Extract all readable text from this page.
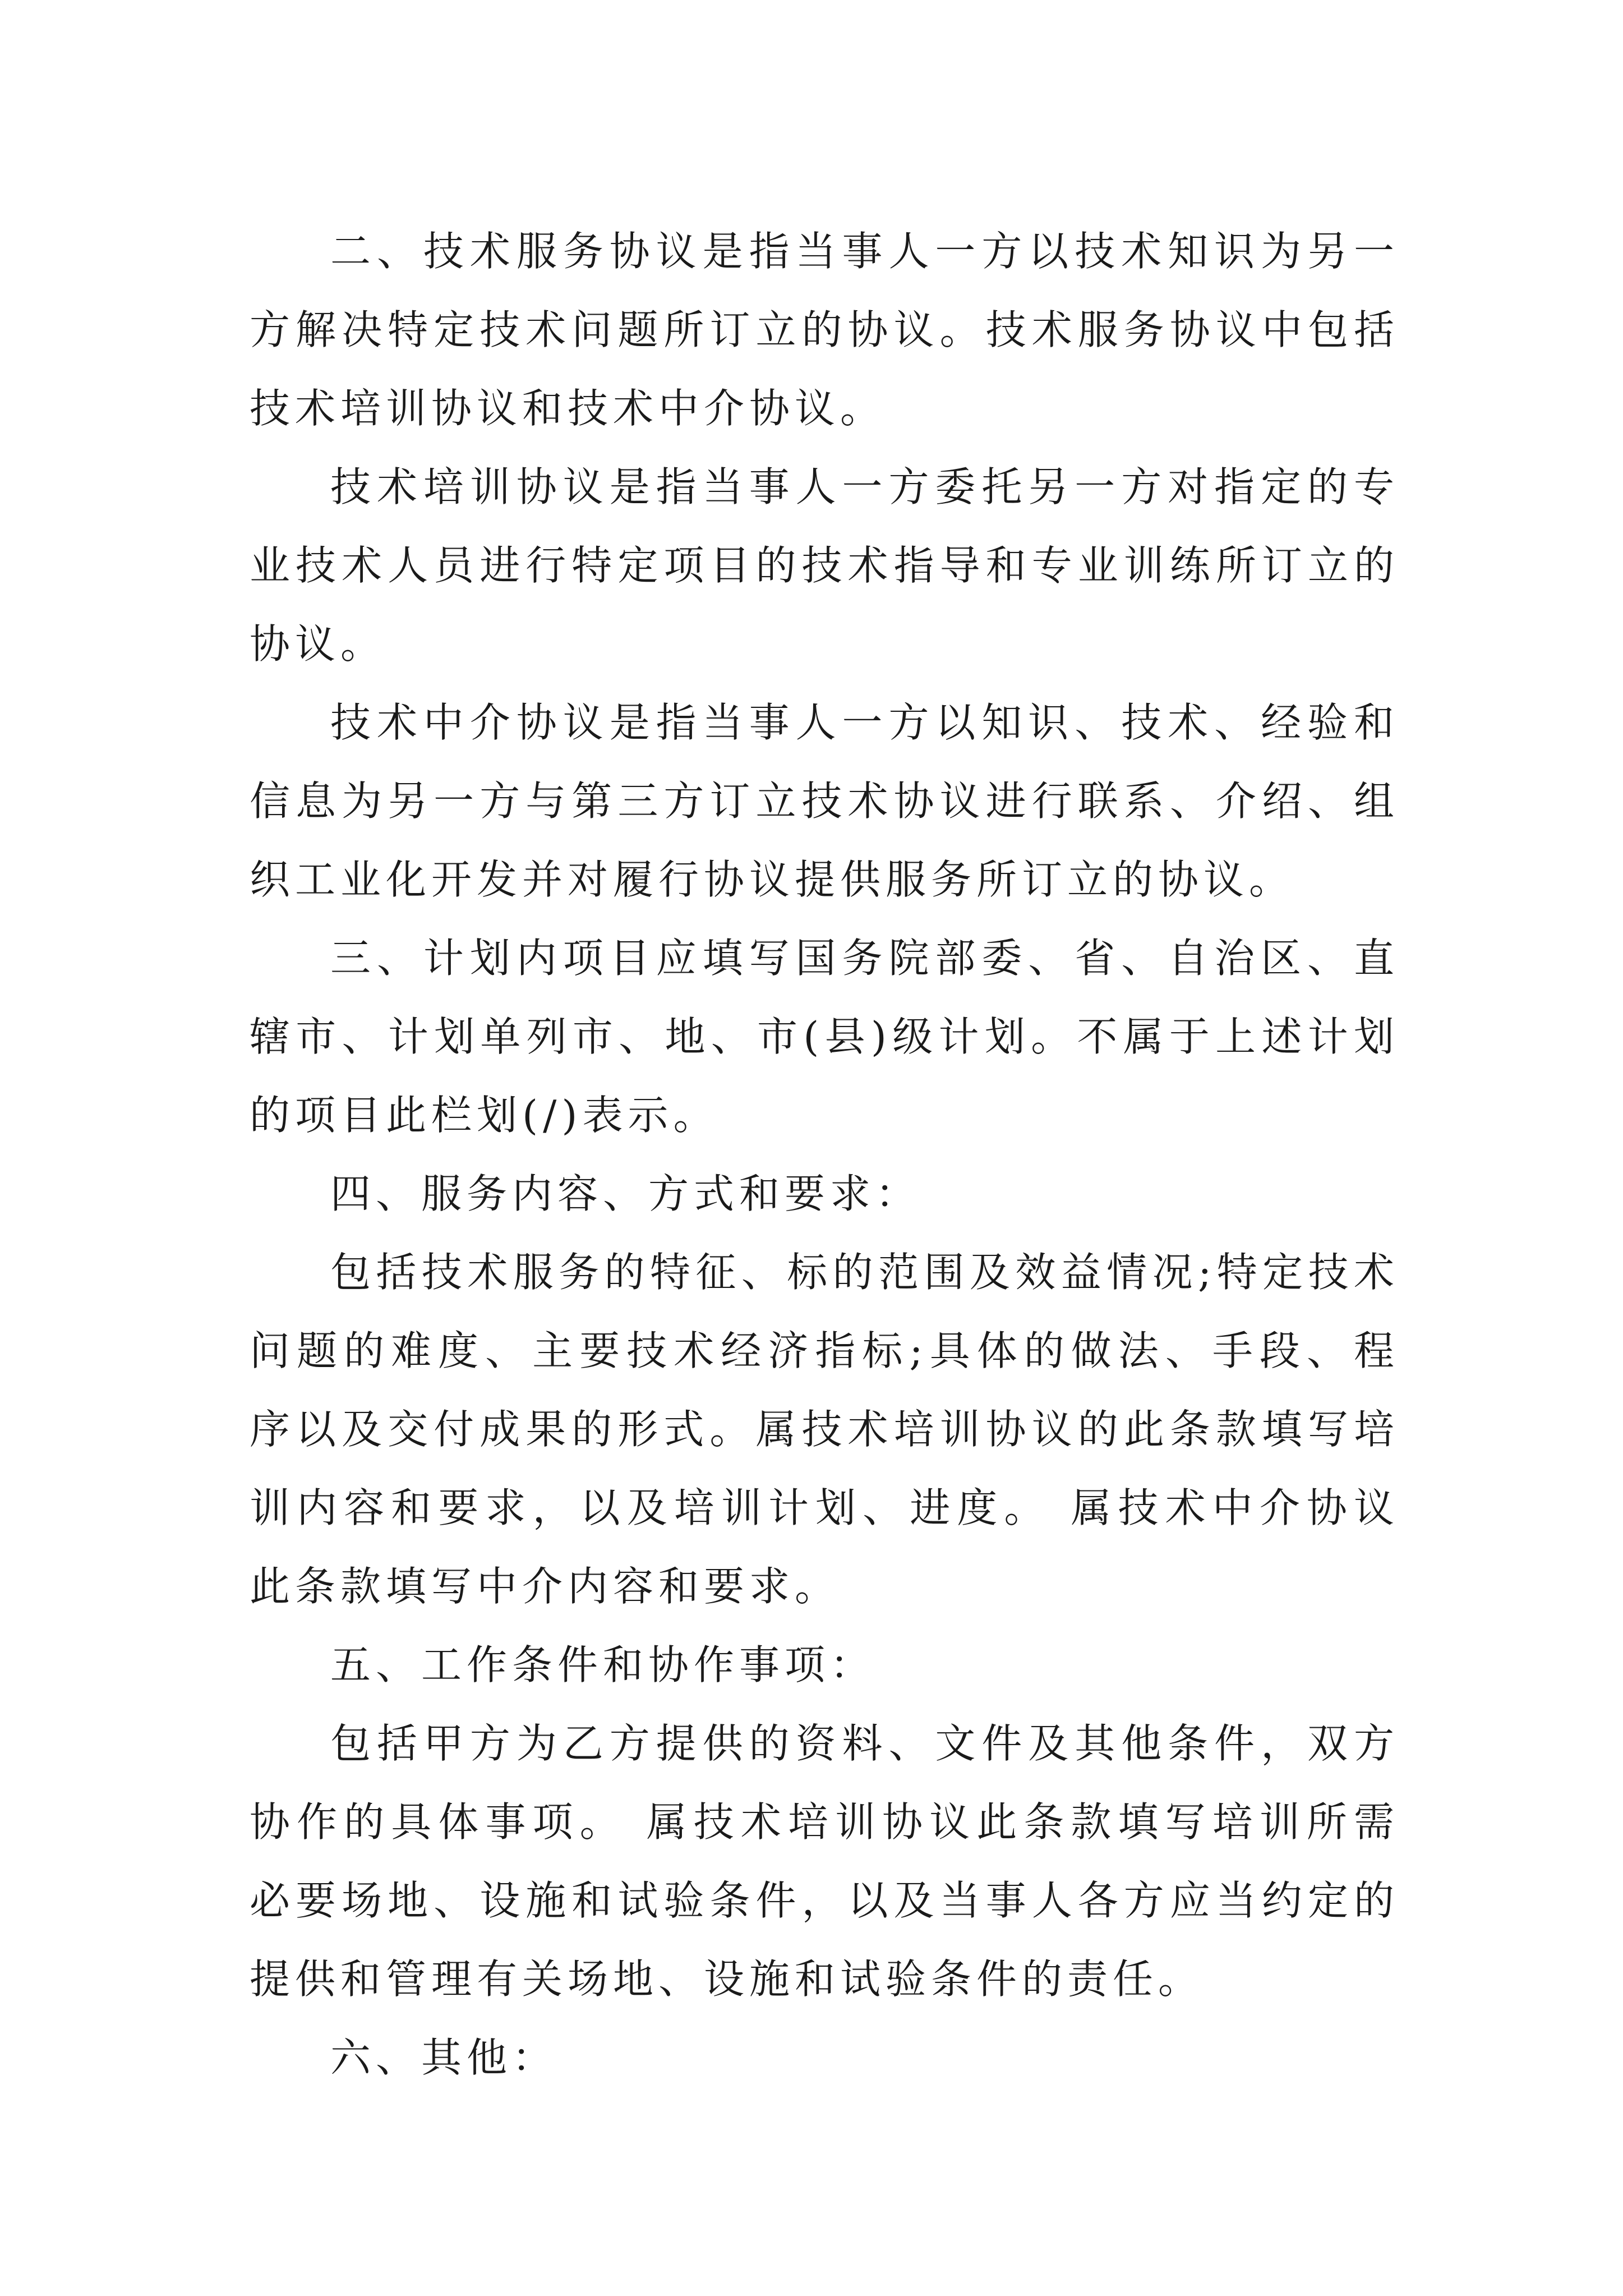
二、技术服务协议是指当事人一方以技术知识为另一方解决特定技术问题所订立的协议。技术服务协议中包括技术培训协议和技术中介协议。

技术培训协议是指当事人一方委托另一方对指定的专业技术人员进行特定项目的技术指导和专业训练所订立的协议。

技术中介协议是指当事人一方以知识、技术、经验和信息为另一方与第三方订立技术协议进行联系、介绍、组织工业化开发并对履行协议提供服务所订立的协议。

三、计划内项目应填写国务院部委、省、自治区、直辖市、计划单列市、地、市(县)级计划。不属于上述计划的项目此栏划(/)表示。

四、服务内容、方式和要求：

包括技术服务的特征、标的范围及效益情况;特定技术问题的难度、主要技术经济指标;具体的做法、手段、程序以及交付成果的形式。属技术培训协议的此条款填写培训内容和要求，以及培训计划、进度。 属技术中介协议此条款填写中介内容和要求。

五、工作条件和协作事项：

包括甲方为乙方提供的资料、文件及其他条件，双方协作的具体事项。 属技术培训协议此条款填写培训所需必要场地、设施和试验条件，以及当事人各方应当约定的提供和管理有关场地、设施和试验条件的责任。

六、其他：
